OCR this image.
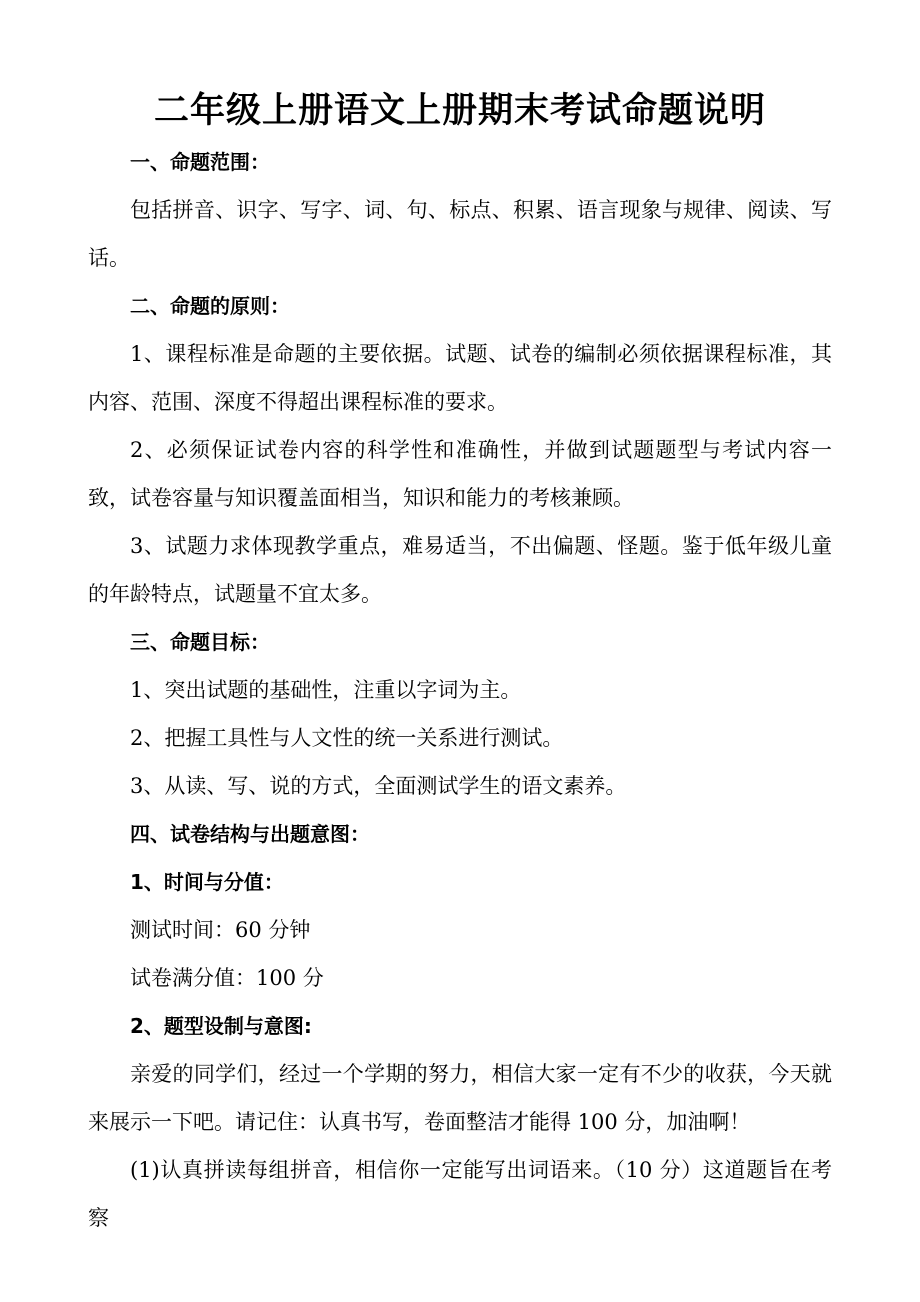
二年级上册语文上册期末考试命题说明

一、命题范围：

包括拼音、识字、写字、词、句、标点、积累、语言现象与规律、阅读、写话。

二、命题的原则：

1、课程标准是命题的主要依据。试题、试卷的编制必须依据课程标准，其内容、范围、深度不得超出课程标准的要求。

2、必须保证试卷内容的科学性和准确性，并做到试题题型与考试内容一致，试卷容量与知识覆盖面相当，知识和能力的考核兼顾。

3、试题力求体现教学重点，难易适当，不出偏题、怪题。鉴于低年级儿童的年龄特点，试题量不宜太多。

三、命题目标：

1、突出试题的基础性，注重以字词为主。

2、把握工具性与人文性的统一关系进行测试。

3、从读、写、说的方式，全面测试学生的语文素养。

四、试卷结构与出题意图：

1、时间与分值：

测试时间：60 分钟

试卷满分值：100 分

2、题型设制与意图:

亲爱的同学们，经过一个学期的努力，相信大家一定有不少的收获，今天就来展示一下吧。请记住：认真书写，卷面整洁才能得 100 分，加油啊！

(1)认真拼读每组拼音，相信你一定能写出词语来。（10 分）这道题旨在考察
